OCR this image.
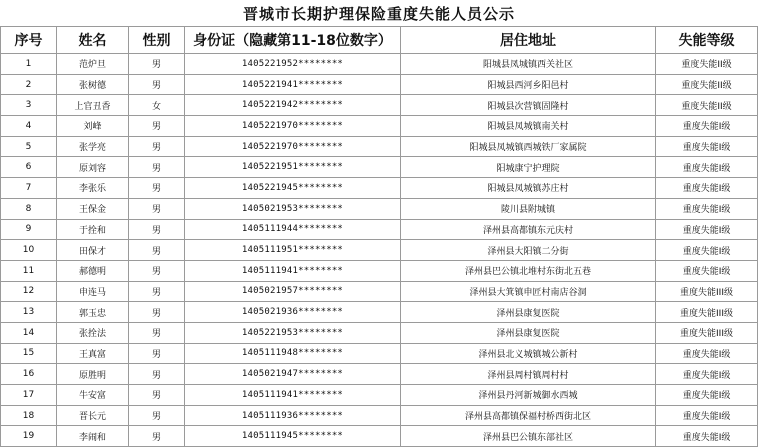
晋城市长期护理保险重度失能人员公示					
序号	姓名	性别	身份证（隐藏第11-18位数字）	居住地址	失能等级
1	范炉旦	男	1405221952********	阳城县凤城镇西关社区	重度失能II级
2	张树德	男	1405221941********	阳城县西河乡阳邑村	重度失能II级
3	上官丑香	女	1405221942********	阳城县次营镇固隆村	重度失能II级
4	刘峰	男	1405221970********	阳城县凤城镇南关村	重度失能I级
5	张学亮	男	1405221970********	阳城县凤城镇西城铁厂家属院	重度失能I级
6	原刘容	男	1405221951********	阳城康宁护理院	重度失能I级
7	李张乐	男	1405221945********	阳城县凤城镇苏庄村	重度失能I级
8	王保金	男	1405021953********	陵川县附城镇	重度失能I级
9	于拴和	男	1405111944********	泽州县高都镇东元庆村	重度失能I级
10	田保才	男	1405111951********	泽州县大阳镇二分街	重度失能I级
11	郝德明	男	1405111941********	泽州县巴公镇北堆村东街北五巷	重度失能I级
12	申连马	男	1405021957********	泽州县大箕镇申匠村南店谷洞	重度失能III级
13	郭玉忠	男	1405021936********	泽州县康复医院	重度失能III级
14	张拴法	男	1405221953********	泽州县康复医院	重度失能III级
15	王真富	男	1405111948********	泽州县北义城镇城公新村	重度失能I级
16	原胜明	男	1405021947********	泽州县周村镇周村村	重度失能I级
17	牛安富	男	1405111941********	泽州县丹河新城御水西城	重度失能I级
18	晋长元	男	1405111936********	泽州县高都镇保福村桥西街北区	重度失能I级
19	李闹和	男	1405111945********	泽州县巴公镇东部社区	重度失能I级
